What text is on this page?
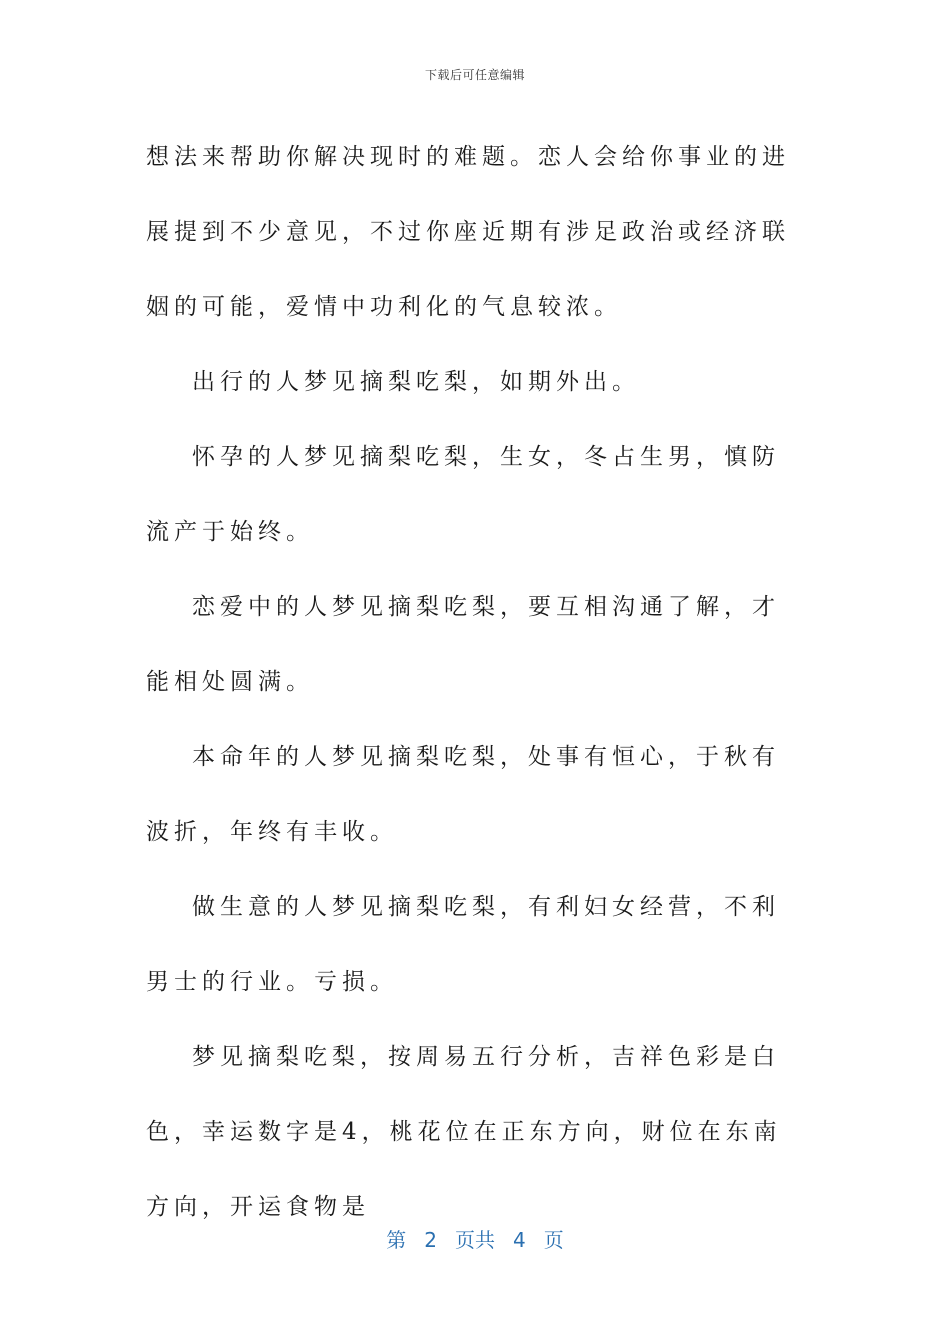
下载后可任意编辑

想法来帮助你解决现时的难题。恋人会给你事业的进展提到不少意见，不过你座近期有涉足政治或经济联姻的可能，爱情中功利化的气息较浓。

出行的人梦见摘梨吃梨，如期外出。

怀孕的人梦见摘梨吃梨，生女，冬占生男，慎防流产于始终。

恋爱中的人梦见摘梨吃梨，要互相沟通了解，才能相处圆满。

本命年的人梦见摘梨吃梨，处事有恒心，于秋有波折，年终有丰收。

做生意的人梦见摘梨吃梨，有利妇女经营，不利男士的行业。亏损。

梦见摘梨吃梨，按周易五行分析，吉祥色彩是白色，幸运数字是4，桃花位在正东方向，财位在东南方向，开运食物是

第 2 页共 4 页
